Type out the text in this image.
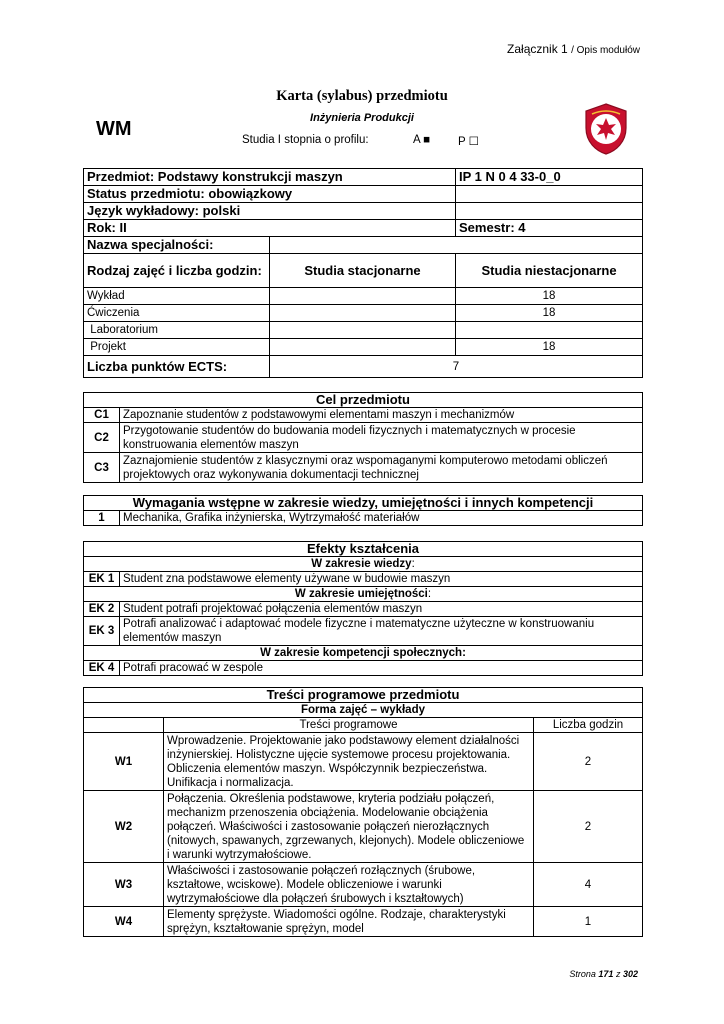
Załącznik 1 / Opis modułów
Karta (sylabus) przedmiotu
Inżynieria Produkcji
WM	Studia I stopnia o profilu:	A ■ P ☐
Przedmiot: Podstawy konstrukcji maszyn		IP 1 N 0 4 33-0_0
Status przedmiotu: obowiązkowy		
Język wykładowy: polski		
Rok: II		Semestr: 4
Nazwa specjalności:		
Rodzaj zajęć i liczba godzin:	Studia stacjonarne	Studia niestacjonarne
Wykład		18
Ćwiczenia		18
Laboratorium		
Projekt		18
Liczba punktów ECTS:	7	
Cel przedmiotu	
C1	Zapoznanie studentów z podstawowymi elementami maszyn i mechanizmów
C2	Przygotowanie studentów do budowania modeli fizycznych i matematycznych w procesie konstruowania elementów maszyn
C3	Zaznajomienie studentów z klasycznymi oraz wspomaganymi komputerowo metodami obliczeń projektowych oraz wykonywania dokumentacji technicznej
Wymagania wstępne w zakresie wiedzy, umiejętności i innych kompetencji
1	Mechanika, Grafika inżynierska, Wytrzymałość materiałów
Efekty kształcenia	
W zakresie wiedzy:	
EK 1	Student zna podstawowe elementy używane w budowie maszyn
W zakresie umiejętności:	
EK 2	Student potrafi projektować połączenia elementów maszyn
EK 3	Potrafi analizować i adaptować modele fizyczne i matematyczne użyteczne w konstruowaniu elementów maszyn
W zakresie kompetencji społecznych:	
EK 4	Potrafi pracować w zespole
Treści programowe przedmiotu		
Forma zajęć – wykłady		
	Treści programowe	Liczba godzin
W1	Wprowadzenie. Projektowanie jako podstawowy element działalności inżynierskiej. Holistyczne ujęcie systemowe procesu projektowania. Obliczenia elementów maszyn. Współczynnik bezpieczeństwa. Unifikacja i normalizacja.	2
W2	Połączenia. Określenia podstawowe, kryteria podziału połączeń, mechanizm przenoszenia obciążenia. Modelowanie obciążenia połączeń. Właściwości i zastosowanie połączeń nierozłącznych (nitowych, spawanych, zgrzewanych, klejonych). Modele obliczeniowe i warunki wytrzymałościowe.	2
W3	Właściwości i zastosowanie połączeń rozłącznych (śrubowe, kształtowe, wciskowe). Modele obliczeniowe i warunki wytrzymałościowe dla połączeń śrubowych i kształtowych)	4
W4	Elementy sprężyste. Wiadomości ogólne. Rodzaje, charakterystyki sprężyn, kształtowanie sprężyn, model	1
Strona 171 z 302
